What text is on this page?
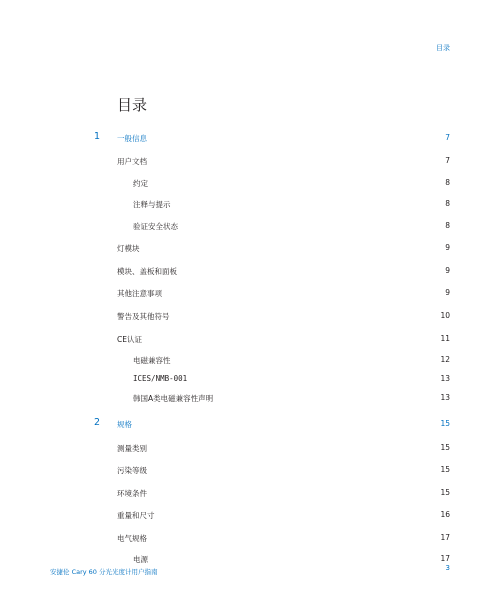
目录
目录
1 一般信息	7
用户文档	7
约定	8
注释与提示	8
验证安全状态	8
灯模块	9
模块、盖板和面板	9
其他注意事项	9
警告及其他符号	10
CE认证	11
电磁兼容性	12
ICES/NMB-001	13
韩国A类电磁兼容性声明	13
2 规格	15
测量类别	15
污染等级	15
环境条件	15
重量和尺寸	16
电气规格	17
电源	17
安捷伦 Cary 60 分光光度计用户指南	3
